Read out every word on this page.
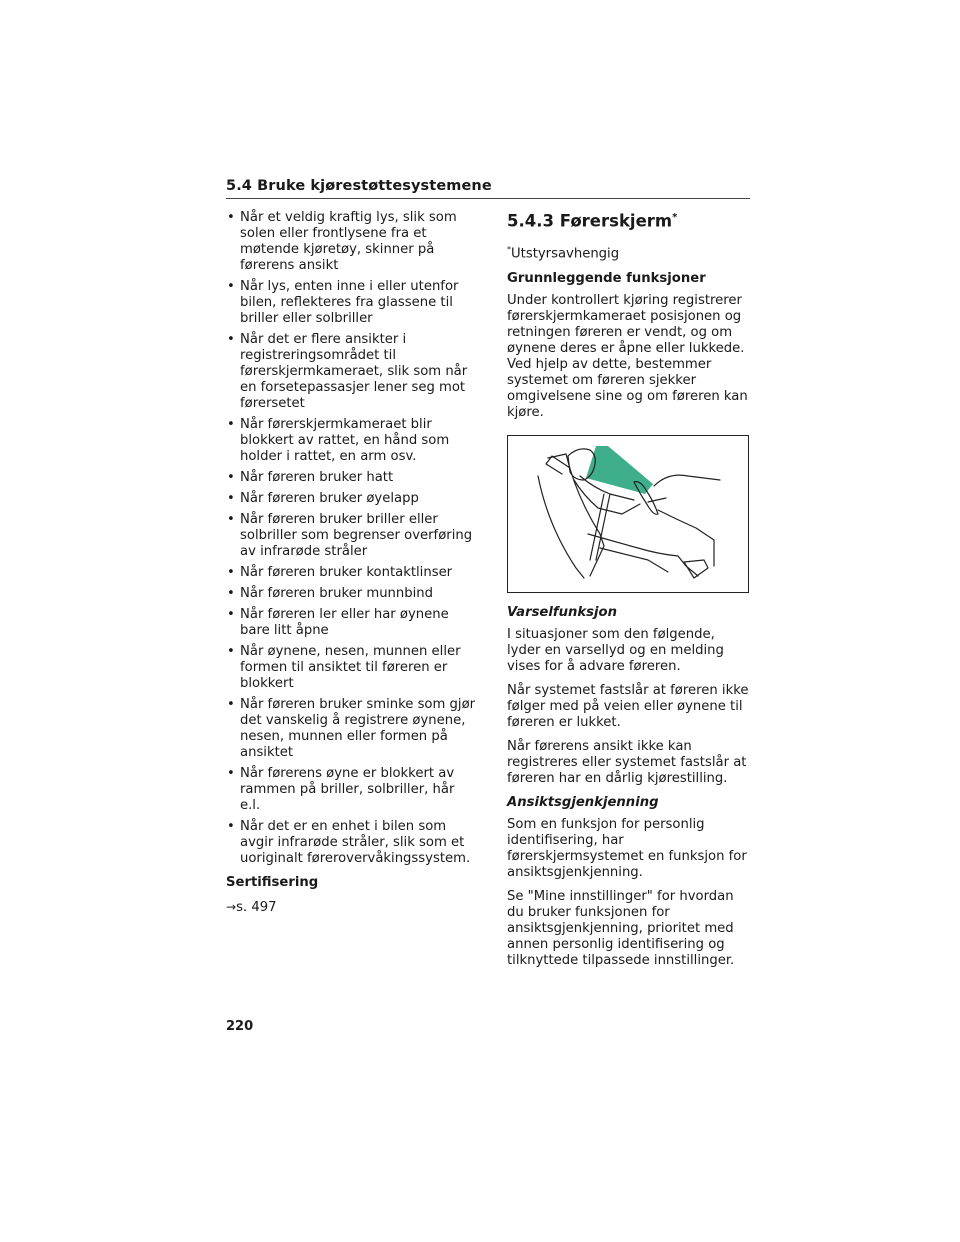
5.4 Bruke kjørestøttesystemene
• Når et veldig kraftig lys, slik som solen eller frontlysene fra et møtende kjøretøy, skinner på førerens ansikt
• Når lys, enten inne i eller utenfor bilen, reflekteres fra glassene til briller eller solbriller
• Når det er flere ansikter i registreringsområdet til førerskjermkameraet, slik som når en forsetepassasjer lener seg mot førersetet
• Når førerskjermkameraet blir blokkert av rattet, en hånd som holder i rattet, en arm osv.
• Når føreren bruker hatt
• Når føreren bruker øyelapp
• Når føreren bruker briller eller solbriller som begrenser overføring av infrarøde stråler
• Når føreren bruker kontaktlinser
• Når føreren bruker munnbind
• Når føreren ler eller har øynene bare litt åpne
• Når øynene, nesen, munnen eller formen til ansiktet til føreren er blokkert
• Når føreren bruker sminke som gjør det vanskelig å registrere øynene, nesen, munnen eller formen på ansiktet
• Når førerens øyne er blokkert av rammen på briller, solbriller, hår e.l.
• Når det er en enhet i bilen som avgir infrarøde stråler, slik som et uoriginalt føreroverv​åkingssystem.
Sertifisering
→s. 497
5.4.3 Førerskjerm*
*Utstyrsavhengig
Grunnleggende funksjoner

Under kontrollert kjøring registrerer førerskjermkameraet posisjonen og retningen føreren er vendt, og om øynene deres er åpne eller lukkede. Ved hjelp av dette, bestemmer systemet om føreren sjekker omgivelsene sine og om føreren kan kjøre.

Varselfunksjon

I situasjoner som den følgende, lyder en varsellyd og en melding vises for å advare føreren.

Når systemet fastslår at føreren ikke følger med på veien eller øynene til føreren er lukket.

Når førerens ansikt ikke kan registreres eller systemet fastslår at føreren har en dårlig kjørestilling.

Ansiktsgjenkjenning

Som en funksjon for personlig identifisering, har førerskjermsystemet en funksjon for ansiktsgjenkjenning.

Se "Mine innstillinger" for hvordan du bruker funksjonen for ansiktsgjenkjenning, prioritet med annen personlig identifisering og tilknyttede tilpassede innstillinger.

220
